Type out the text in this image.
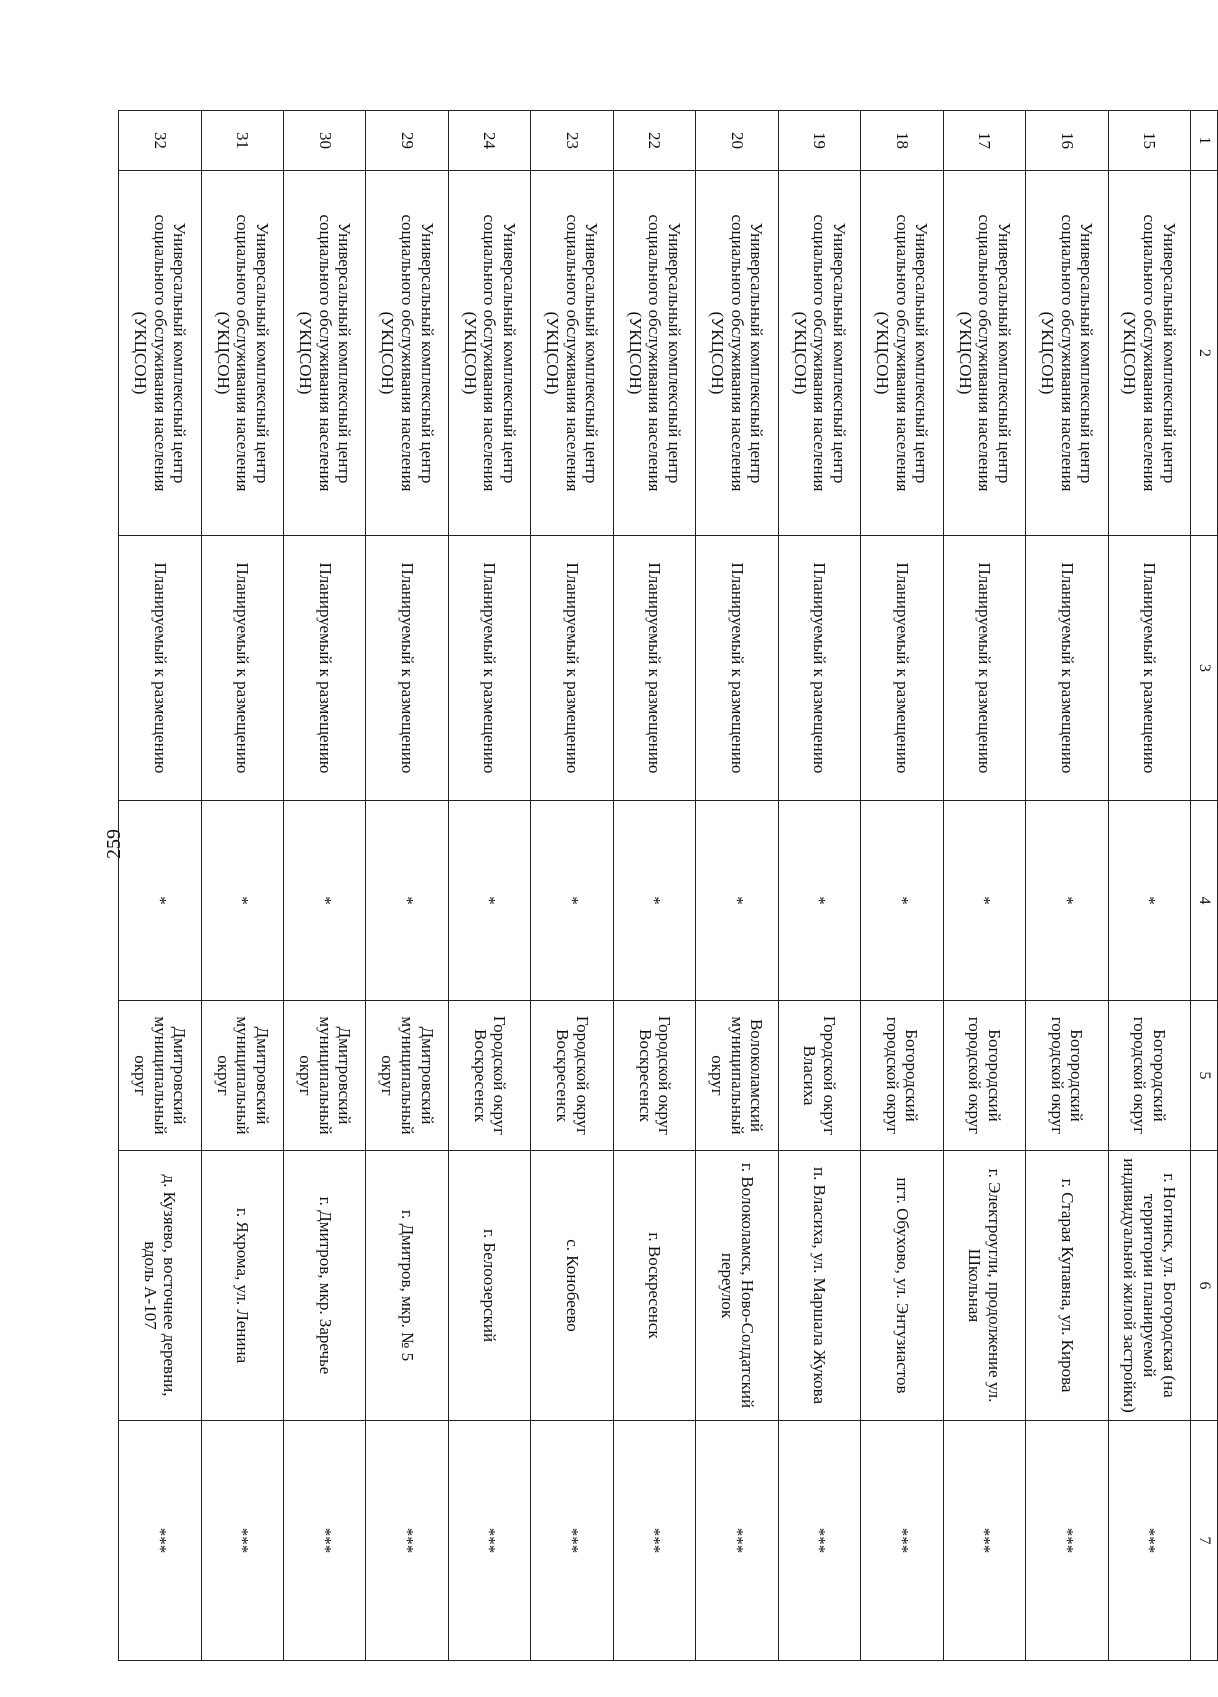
259
1	2	3	4	5	6	7
15	Универсальный комплексный центр социального обслуживания населения (УКЦСОН)	Планируемый к размещению	*	Богородский городской округ	г. Ногинск, ул. Богородская (на территории планируемой индивидуальной жилой застройки)	***
16	Универсальный комплексный центр социального обслуживания населения (УКЦСОН)	Планируемый к размещению	*	Богородский городской округ	г. Старая Купавна, ул. Кирова	***
17	Универсальный комплексный центр социального обслуживания населения (УКЦСОН)	Планируемый к размещению	*	Богородский городской округ	г. Электроугли, продолжение ул. Школьная	***
18	Универсальный комплексный центр социального обслуживания населения (УКЦСОН)	Планируемый к размещению	*	Богородский городской округ	пгт. Обухово, ул. Энтузиастов	***
19	Универсальный комплексный центр социального обслуживания населения (УКЦСОН)	Планируемый к размещению	*	Городской округ Власиха	п. Власиха, ул. Маршала Жукова	***
20	Универсальный комплексный центр социального обслуживания населения (УКЦСОН)	Планируемый к размещению	*	Волоколамский муниципальный округ	г. Волоколамск, Ново-Солдатский переулок	***
22	Универсальный комплексный центр социального обслуживания населения (УКЦСОН)	Планируемый к размещению	*	Городской округ Воскресенск	г. Воскресенск	***
23	Универсальный комплексный центр социального обслуживания населения (УКЦСОН)	Планируемый к размещению	*	Городской округ Воскресенск	с. Конобеево	***
24	Универсальный комплексный центр социального обслуживания населения (УКЦСОН)	Планируемый к размещению	*	Городской округ Воскресенск	г. Белоозерский	***
29	Универсальный комплексный центр социального обслуживания населения (УКЦСОН)	Планируемый к размещению	*	Дмитровский муниципальный округ	г. Дмитров, мкр. № 5	***
30	Универсальный комплексный центр социального обслуживания населения (УКЦСОН)	Планируемый к размещению	*	Дмитровский муниципальный округ	г. Дмитров, мкр. Заречье	***
31	Универсальный комплексный центр социального обслуживания населения (УКЦСОН)	Планируемый к размещению	*	Дмитровский муниципальный округ	г. Яхрома, ул. Ленина	***
32	Универсальный комплексный центр социального обслуживания населения (УКЦСОН)	Планируемый к размещению	*	Дмитровский муниципальный округ	д. Кузяево, восточнее деревни, вдоль А-107	***
